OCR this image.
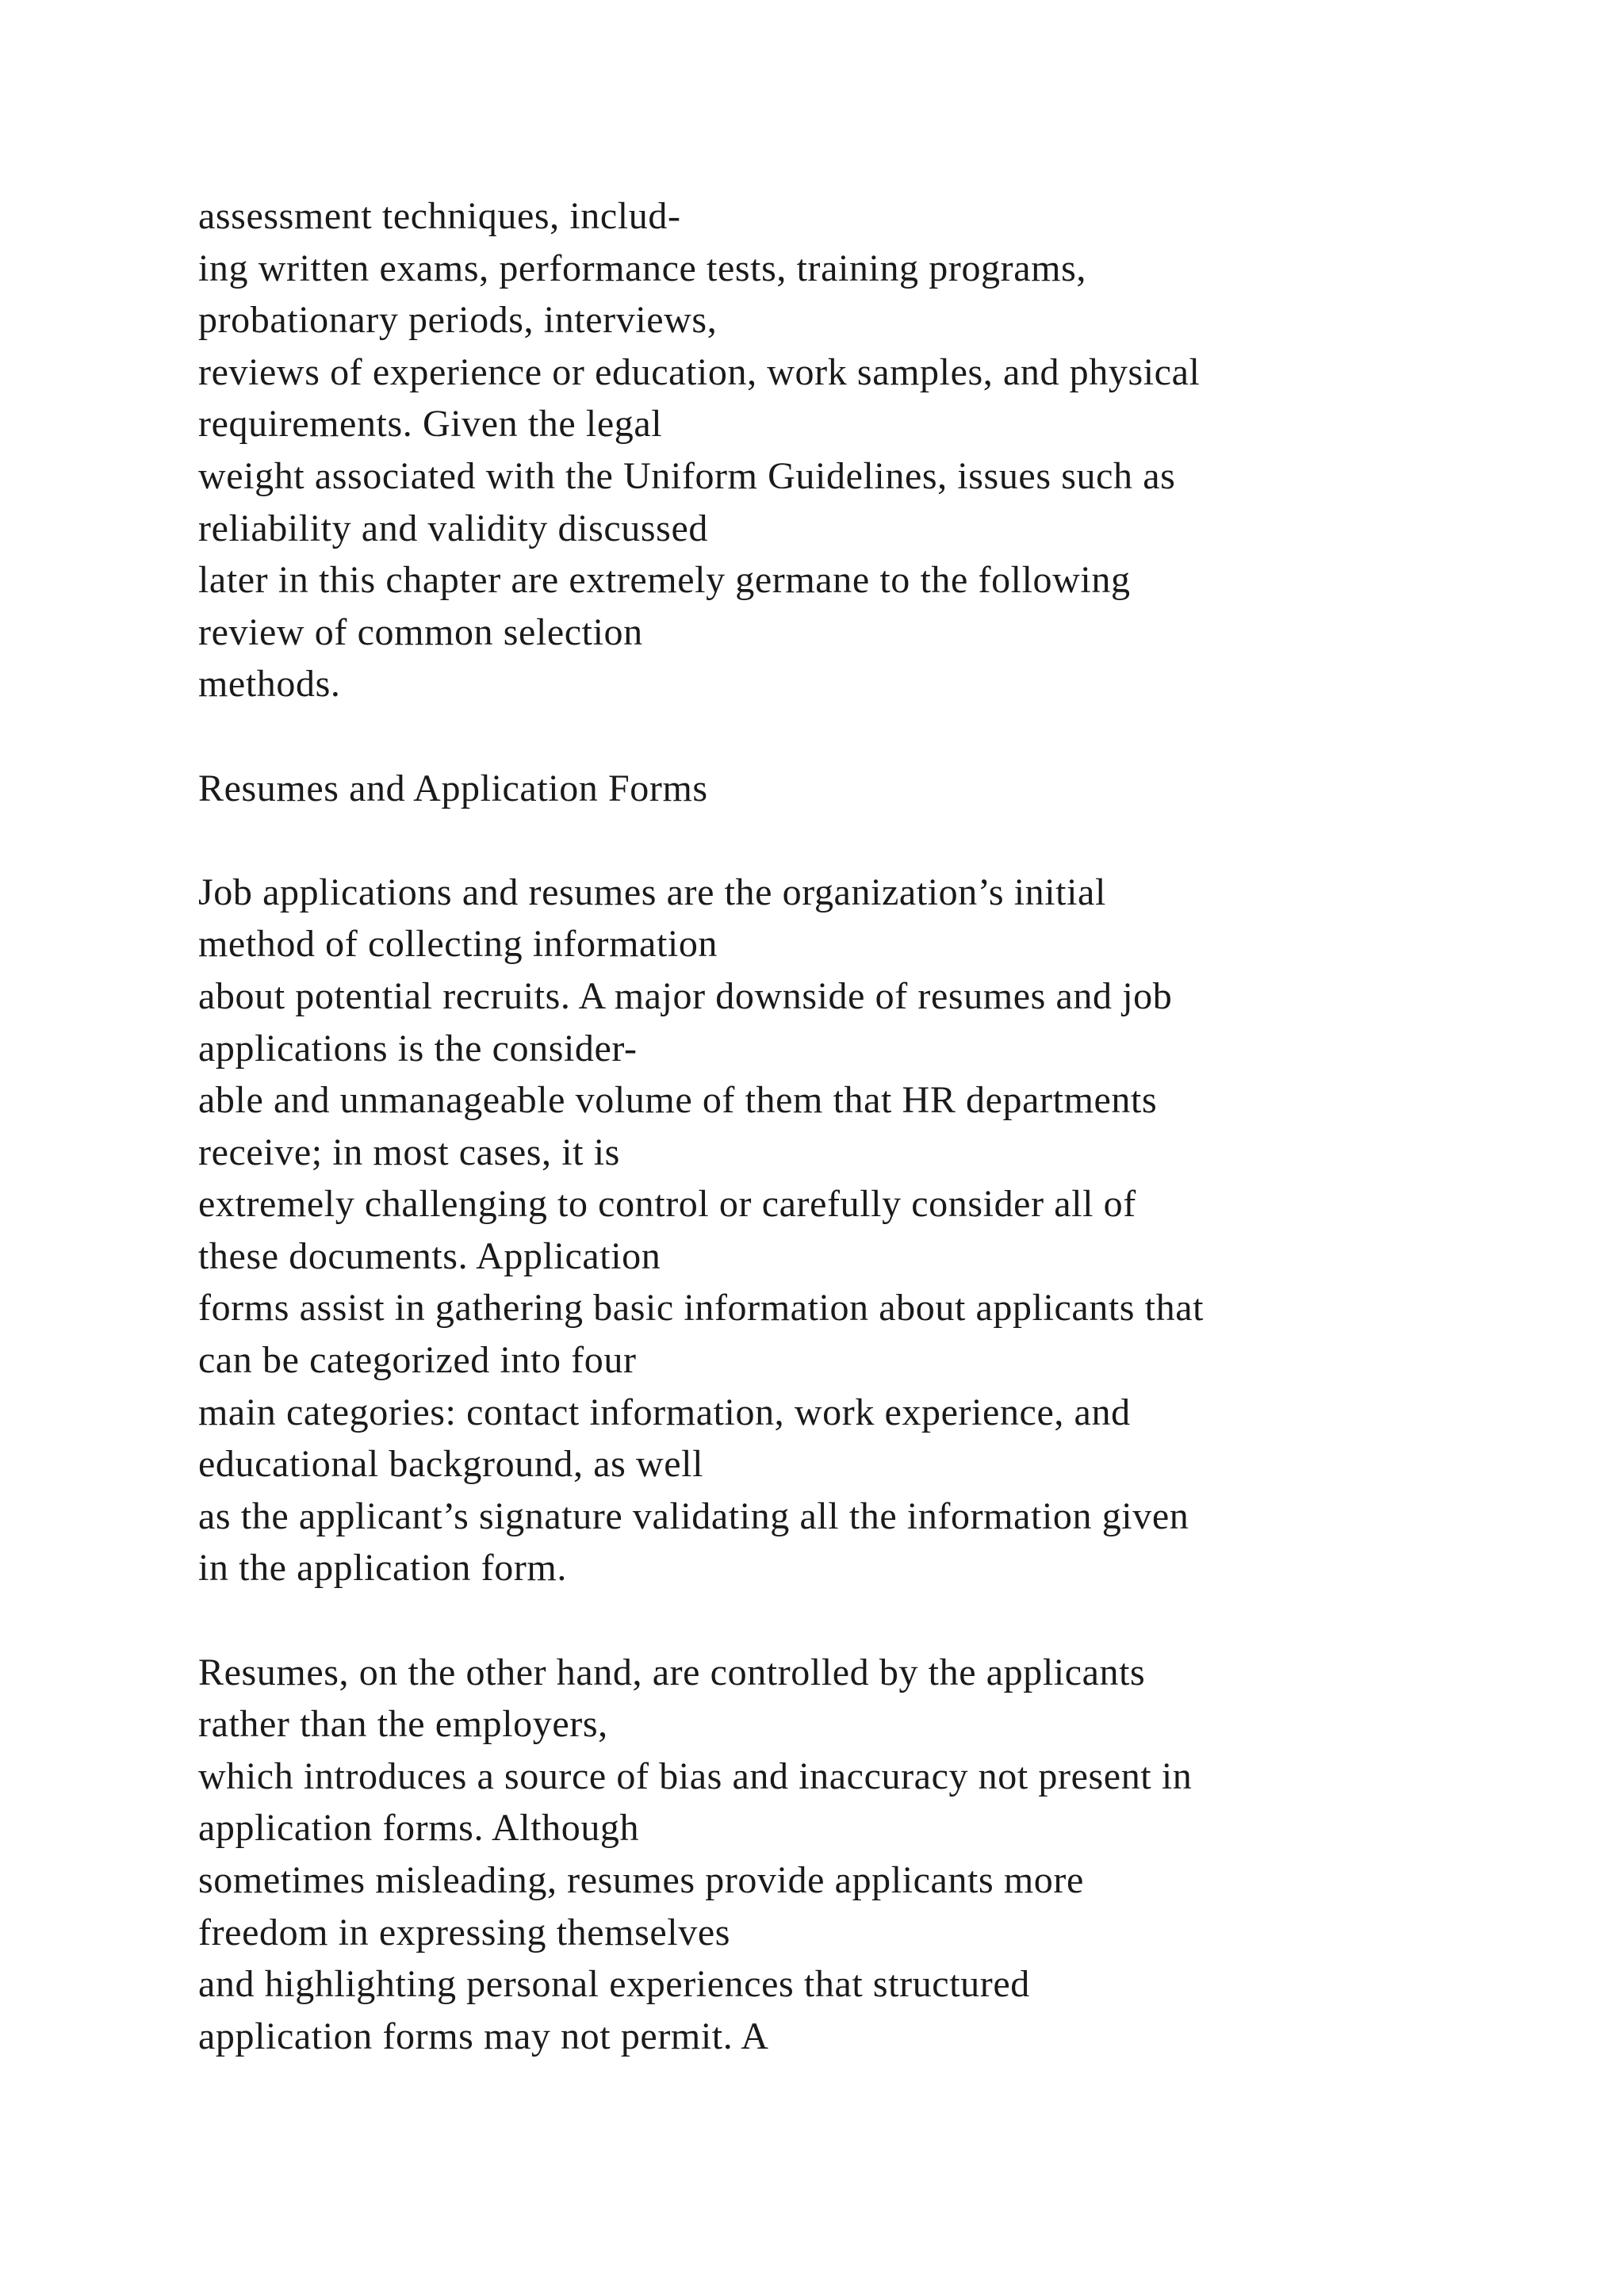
assessment techniques, includ-
ing written exams, performance tests, training programs,
probationary periods, interviews,
reviews of experience or education, work samples, and physical
requirements. Given the legal
weight associated with the Uniform Guidelines, issues such as
reliability and validity discussed
later in this chapter are extremely germane to the following
review of common selection
methods.
Resumes and Application Forms
Job applications and resumes are the organization’s initial
method of collecting information
about potential recruits. A major downside of resumes and job
applications is the consider-
able and unmanageable volume of them that HR departments
receive; in most cases, it is
extremely challenging to control or carefully consider all of
these documents. Application
forms assist in gathering basic information about applicants that
can be categorized into four
main categories: contact information, work experience, and
educational background, as well
as the applicant’s signature validating all the information given
in the application form.
Resumes, on the other hand, are controlled by the applicants
rather than the employers,
which introduces a source of bias and inaccuracy not present in
application forms. Although
sometimes misleading, resumes provide applicants more
freedom in expressing themselves
and highlighting personal experiences that structured
application forms may not permit. A
